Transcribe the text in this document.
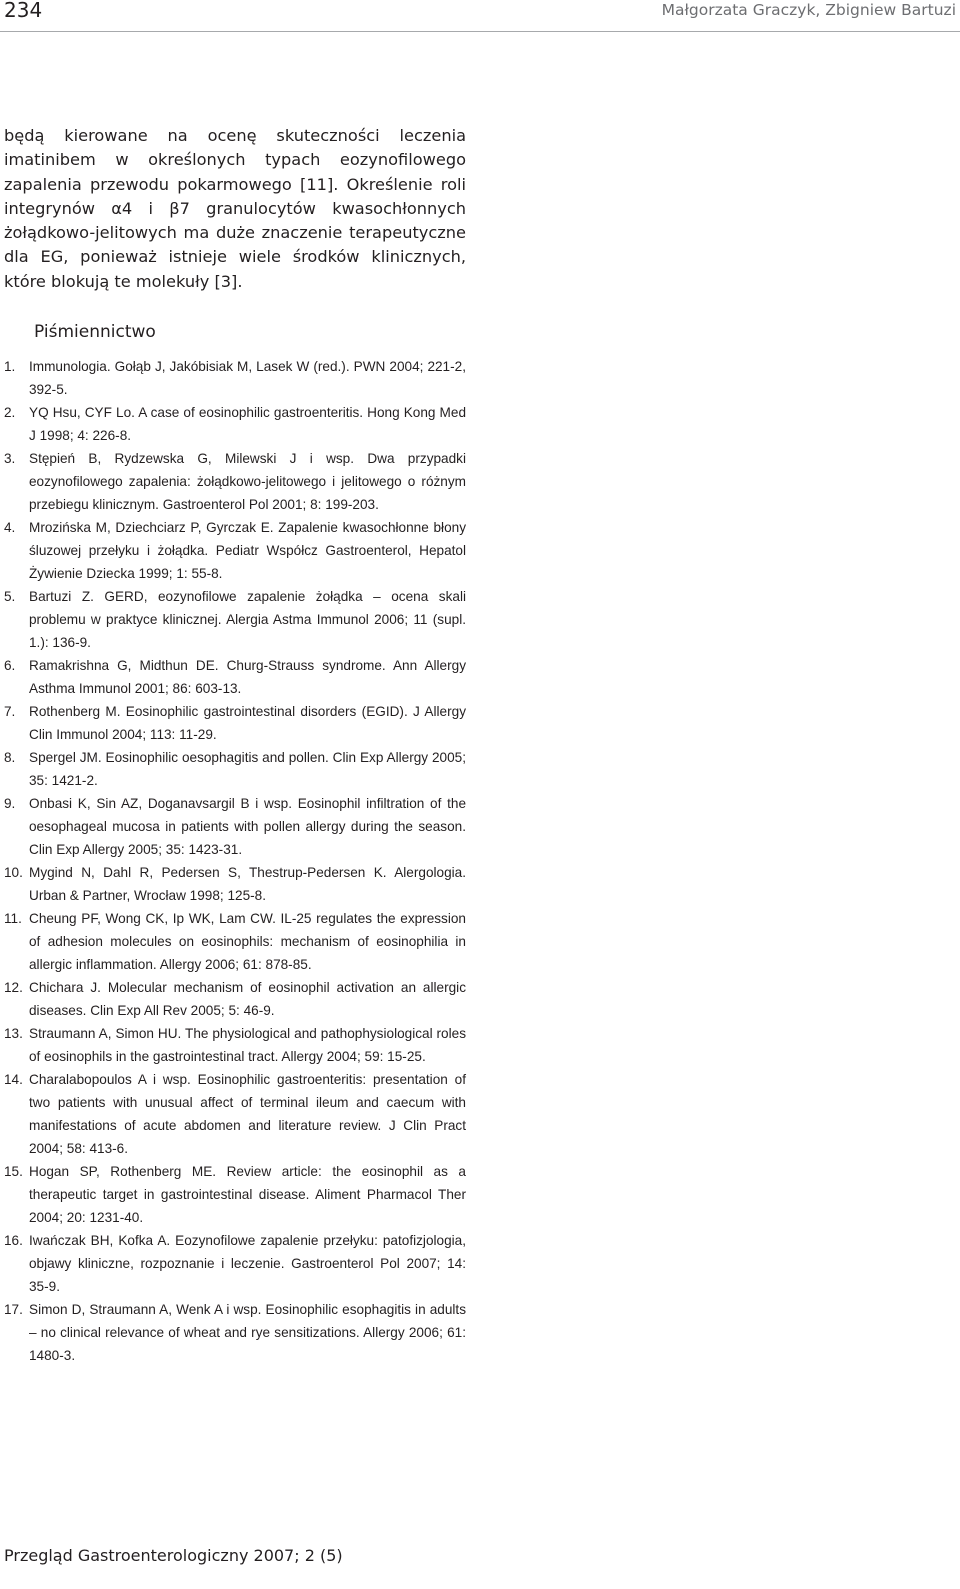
234	Małgorzata Graczyk, Zbigniew Bartuzi

będą kierowane na ocenę skuteczności leczenia imatinibem w określonych typach eozynofilowego zapalenia przewodu pokarmowego [11]. Określenie roli integrynów α4 i β7 granulocytów kwasochłonnych żołądkowo-jelitowych ma duże znaczenie terapeutyczne dla EG, ponieważ istnieje wiele środków klinicznych, które blokują te molekuły [3].

Piśmiennictwo
1. Immunologia. Gołąb J, Jakóbisiak M, Lasek W (red.). PWN 2004; 221-2, 392-5.
2. YQ Hsu, CYF Lo. A case of eosinophilic gastroenteritis. Hong Kong Med J 1998; 4: 226-8.
3. Stępień B, Rydzewska G, Milewski J i wsp. Dwa przypadki eozynofilowego zapalenia: żołądkowo-jelitowego i jelitowego o różnym przebiegu klinicznym. Gastroenterol Pol 2001; 8: 199-203.
4. Mrozińska M, Dziechciarz P, Gyrczak E. Zapalenie kwasochłonne błony śluzowej przełyku i żołądka. Pediatr Współcz Gastroenterol, Hepatol Żywienie Dziecka 1999; 1: 55-8.
5. Bartuzi Z. GERD, eozynofilowe zapalenie żołądka – ocena skali problemu w praktyce klinicznej. Alergia Astma Immunol 2006; 11 (supl. 1.): 136-9.
6. Ramakrishna G, Midthun DE. Churg-Strauss syndrome. Ann Allergy Asthma Immunol 2001; 86: 603-13.
7. Rothenberg M. Eosinophilic gastrointestinal disorders (EGID). J Allergy Clin Immunol 2004; 113: 11-29.
8. Spergel JM. Eosinophilic oesophagitis and pollen. Clin Exp Allergy 2005; 35: 1421-2.
9. Onbasi K, Sin AZ, Doganavsargil B i wsp. Eosinophil infiltration of the oesophageal mucosa in patients with pollen allergy during the season. Clin Exp Allergy 2005; 35: 1423-31.
10. Mygind N, Dahl R, Pedersen S, Thestrup-Pedersen K. Alergologia. Urban & Partner, Wrocław 1998; 125-8.
11. Cheung PF, Wong CK, Ip WK, Lam CW. IL-25 regulates the expression of adhesion molecules on eosinophils: mechanism of eosinophilia in allergic inflammation. Allergy 2006; 61: 878-85.
12. Chichara J. Molecular mechanism of eosinophil activation an allergic diseases. Clin Exp All Rev 2005; 5: 46-9.
13. Straumann A, Simon HU. The physiological and pathophysiological roles of eosinophils in the gastrointestinal tract. Allergy 2004; 59: 15-25.
14. Charalabopoulos A i wsp. Eosinophilic gastroenteritis: presentation of two patients with unusual affect of terminal ileum and caecum with manifestations of acute abdomen and literature review. J Clin Pract 2004; 58: 413-6.
15. Hogan SP, Rothenberg ME. Review article: the eosinophil as a therapeutic target in gastrointestinal disease. Aliment Pharmacol Ther 2004; 20: 1231-40.
16. Iwańczak BH, Kofka A. Eozynofilowe zapalenie przełyku: patofizjologia, objawy kliniczne, rozpoznanie i leczenie. Gastroenterol Pol 2007; 14: 35-9.
17. Simon D, Straumann A, Wenk A i wsp. Eosinophilic esophagitis in adults – no clinical relevance of wheat and rye sensitizations. Allergy 2006; 61: 1480-3.
Przegląd Gastroenterologiczny 2007; 2 (5)
